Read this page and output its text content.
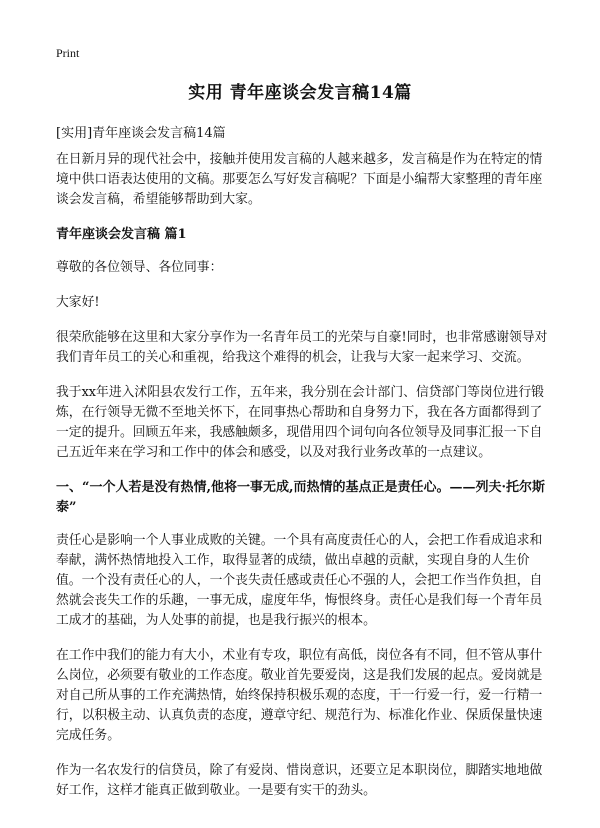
Print
实用 青年座谈会发言稿14篇
[实用]青年座谈会发言稿14篇

在日新月异的现代社会中，接触并使用发言稿的人越来越多，发言稿是作为在特定的情境中供口语表达使用的文稿。那要怎么写好发言稿呢？下面是小编帮大家整理的青年座谈会发言稿，希望能够帮助到大家。

青年座谈会发言稿 篇1

尊敬的各位领导、各位同事：

大家好!

很荣欣能够在这里和大家分享作为一名青年员工的光荣与自豪!同时，也非常感谢领导对我们青年员工的关心和重视，给我这个难得的机会，让我与大家一起来学习、交流。

我于xx年进入沭阳县农发行工作，五年来，我分别在会计部门、信贷部门等岗位进行锻炼，在行领导无微不至地关怀下，在同事热心帮助和自身努力下，我在各方面都得到了一定的提升。回顾五年来，我感触颇多，现借用四个词句向各位领导及同事汇报一下自己五近年来在学习和工作中的体会和感受，以及对我行业务改革的一点建议。

一、“一个人若是没有热情,他将一事无成,而热情的基点正是责任心。——列夫·托尔斯泰”

责任心是影响一个人事业成败的关键。一个具有高度责任心的人，会把工作看成追求和奉献，满怀热情地投入工作，取得显著的成绩，做出卓越的贡献，实现自身的人生价值。一个没有责任心的人，一个丧失责任感或责任心不强的人，会把工作当作负担，自然就会丧失工作的乐趣，一事无成，虚度年华，悔恨终身。责任心是我们每一个青年员工成才的基础，为人处事的前提，也是我行振兴的根本。

在工作中我们的能力有大小，术业有专攻，职位有高低，岗位各有不同，但不管从事什么岗位，必须要有敬业的工作态度。敬业首先要爱岗，这是我们发展的起点。爱岗就是对自己所从事的工作充满热情，始终保持积极乐观的态度，干一行爱一行，爱一行精一行，以积极主动、认真负责的态度，遵章守纪、规范行为、标准化作业、保质保量快速完成任务。

作为一名农发行的信贷员，除了有爱岗、惜岗意识，还要立足本职岗位，脚踏实地地做好工作，这样才能真正做到敬业。一是要有实干的劲头。
